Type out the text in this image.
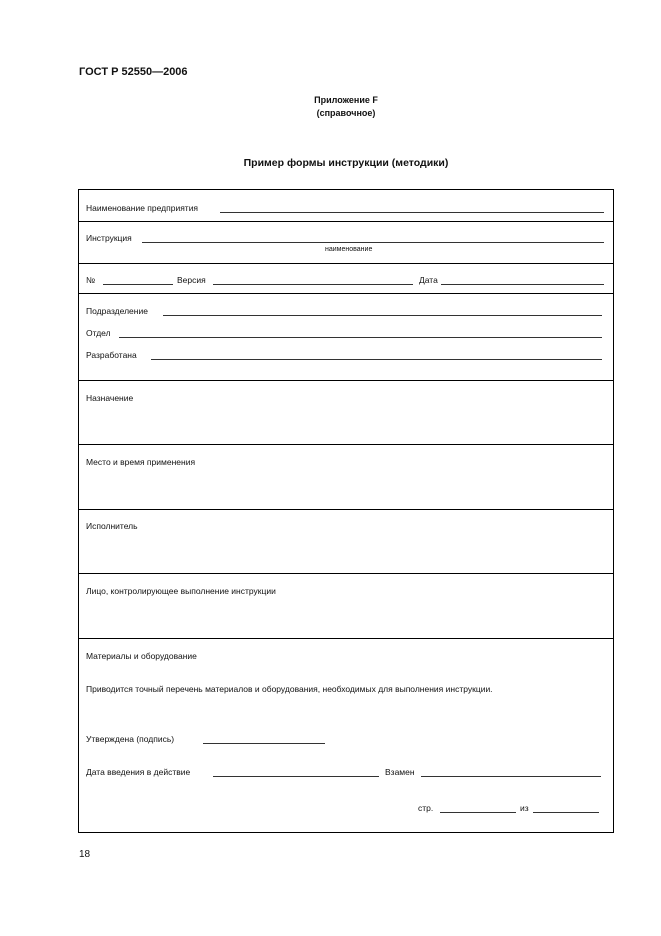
ГОСТ Р 52550—2006
Приложение F
(справочное)
Пример формы инструкции (методики)
Наименование предприятия
Инструкция
наименование
№	Версия	Дата
Подразделение
Отдел
Разработана
Назначение
Место и время применения
Исполнитель
Лицо, контролирующее выполнение инструкции
Материалы и оборудование
Приводится точный перечень материалов и оборудования, необходимых для выполнения инструкции.
Утверждена (подпись)
Дата введения в действие	Взамен
стр.	из
18
